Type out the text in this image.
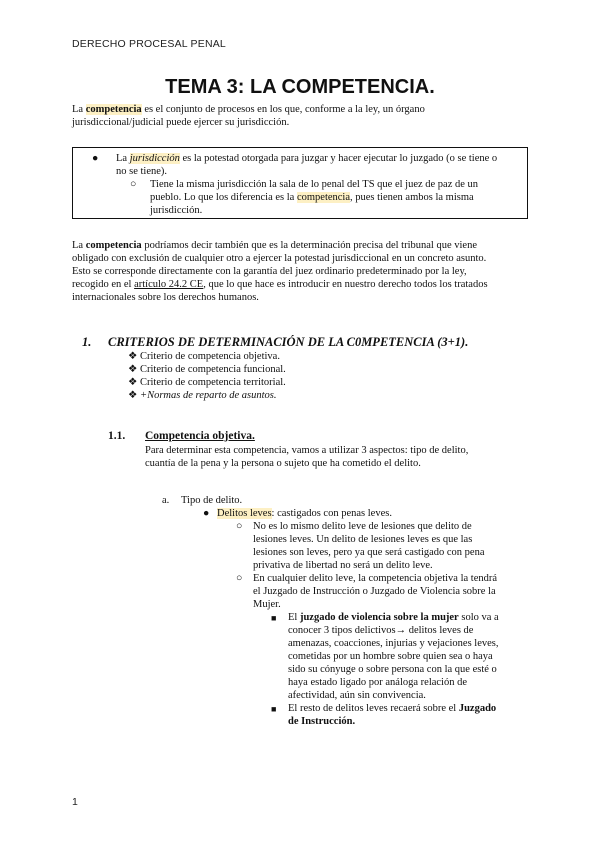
DERECHO PROCESAL PENAL
TEMA 3: LA COMPETENCIA.
La competencia es el conjunto de procesos en los que, conforme a la ley, un órgano
jurisdiccional/judicial puede ejercer su jurisdicción.
● La jurisdicción es la potestad otorgada para juzgar y hacer ejecutar lo juzgado (o se tiene o
no se tiene).
○ Tiene la misma jurisdicción la sala de lo penal del TS que el juez de paz de un
pueblo. Lo que los diferencia es la competencia, pues tienen ambos la misma
jurisdicción.
La competencia podríamos decir también que es la determinación precisa del tribunal que viene
obligado con exclusión de cualquier otro a ejercer la potestad jurisdiccional en un concreto asunto.
Esto se corresponde directamente con la garantía del juez ordinario predeterminado por la ley,
recogido en el artículo 24.2 CE, que lo que hace es introducir en nuestro derecho todos los tratados
internacionales sobre los derechos humanos.
1. CRITERIOS DE DETERMINACIÓN DE LA C0MPETENCIA (3+1).
❖ Criterio de competencia objetiva.
❖ Criterio de competencia funcional.
❖ Criterio de competencia territorial.
❖ +Normas de reparto de asuntos.
1.1. Competencia objetiva.
Para determinar esta competencia, vamos a utilizar 3 aspectos: tipo de delito,
cuantía de la pena y la persona o sujeto que ha cometido el delito.
a. Tipo de delito.
● Delitos leves: castigados con penas leves.
○ No es lo mismo delito leve de lesiones que delito de
lesiones leves. Un delito de lesiones leves es que las
lesiones son leves, pero ya que será castigado con pena
privativa de libertad no será un delito leve.
○ En cualquier delito leve, la competencia objetiva la tendrá
el Juzgado de Instrucción o Juzgado de Violencia sobre la
Mujer.
■ El juzgado de violencia sobre la mujer solo va a
conocer 3 tipos delictivos→ delitos leves de
amenazas, coacciones, injurias y vejaciones leves,
cometidas por un hombre sobre quien sea o haya
sido su cónyuge o sobre persona con la que esté o
haya estado ligado por análoga relación de
afectividad, aún sin convivencia.
■ El resto de delitos leves recaerá sobre el Juzgado
de Instrucción.
1
